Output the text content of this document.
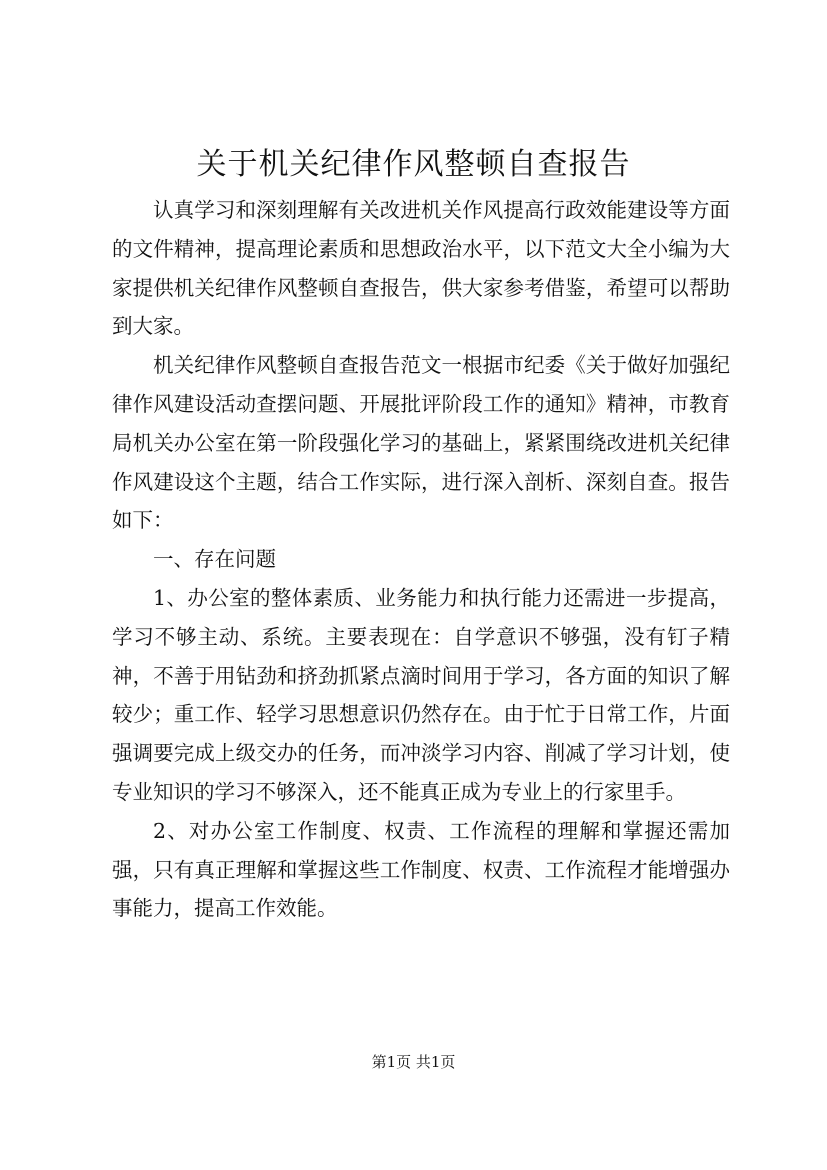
关于机关纪律作风整顿自查报告

认真学习和深刻理解有关改进机关作风提高行政效能建设等方面的文件精神，提高理论素质和思想政治水平，以下范文大全小编为大家提供机关纪律作风整顿自查报告，供大家参考借鉴，希望可以帮助到大家。

机关纪律作风整顿自查报告范文一根据市纪委《关于做好加强纪律作风建设活动查摆问题、开展批评阶段工作的通知》精神，市教育局机关办公室在第一阶段强化学习的基础上，紧紧围绕改进机关纪律作风建设这个主题，结合工作实际，进行深入剖析、深刻自查。报告如下：

一、存在问题

1、办公室的整体素质、业务能力和执行能力还需进一步提高，学习不够主动、系统。主要表现在：自学意识不够强，没有钉子精神，不善于用钻劲和挤劲抓紧点滴时间用于学习，各方面的知识了解较少；重工作、轻学习思想意识仍然存在。由于忙于日常工作，片面强调要完成上级交办的任务，而冲淡学习内容、削减了学习计划，使专业知识的学习不够深入，还不能真正成为专业上的行家里手。

2、对办公室工作制度、权责、工作流程的理解和掌握还需加强，只有真正理解和掌握这些工作制度、权责、工作流程才能增强办事能力，提高工作效能。

第1页 共1页
